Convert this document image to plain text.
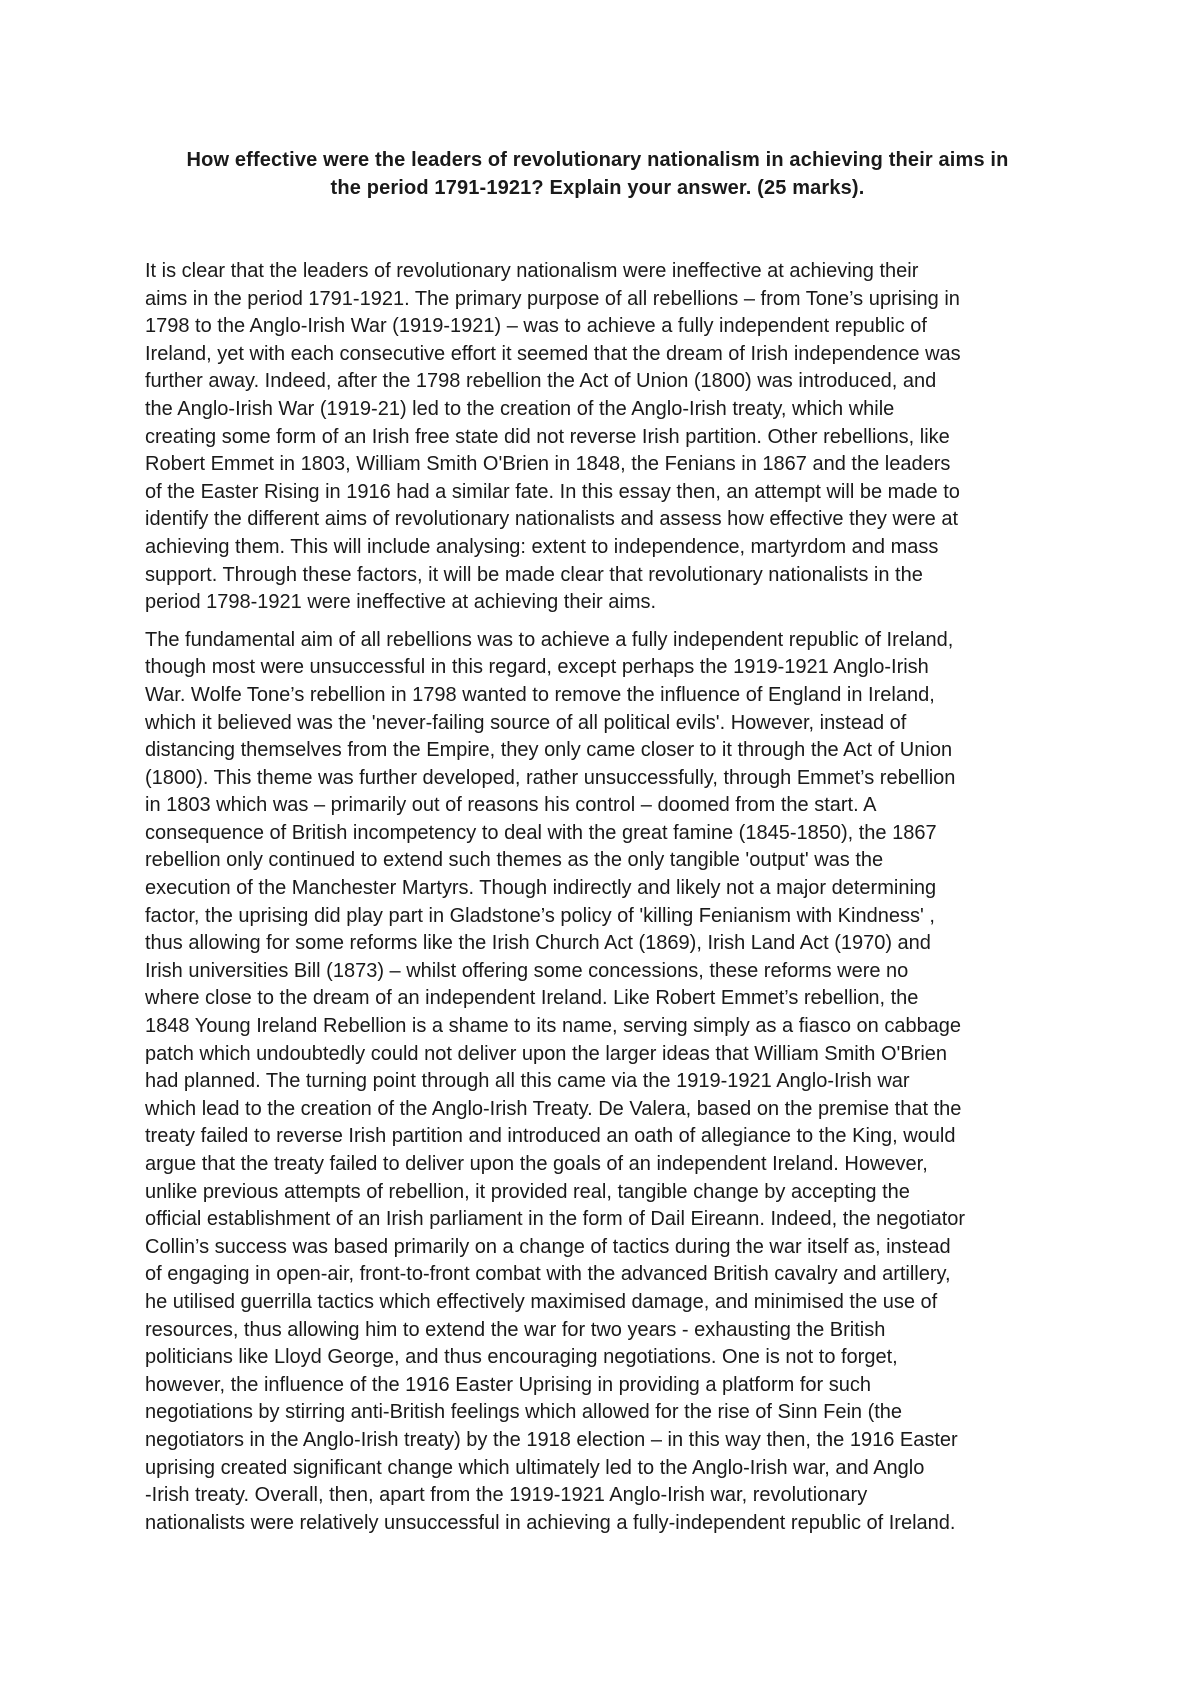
How effective were the leaders of revolutionary nationalism in achieving their aims in
the period 1791-1921? Explain your answer. (25 marks).

It is clear that the leaders of revolutionary nationalism were ineffective at achieving their
aims in the period 1791-1921. The primary purpose of all rebellions – from Tone’s uprising in
1798 to the Anglo-Irish War (1919-1921) – was to achieve a fully independent republic of
Ireland, yet with each consecutive effort it seemed that the dream of Irish independence was
further away. Indeed, after the 1798 rebellion the Act of Union (1800) was introduced, and
the Anglo-Irish War (1919-21) led to the creation of the Anglo-Irish treaty, which while
creating some form of an Irish free state did not reverse Irish partition. Other rebellions, like
Robert Emmet in 1803, William Smith O'Brien in 1848, the Fenians in 1867 and the leaders
of the Easter Rising in 1916 had a similar fate. In this essay then, an attempt will be made to
identify the different aims of revolutionary nationalists and assess how effective they were at
achieving them. This will include analysing: extent to independence, martyrdom and mass
support. Through these factors, it will be made clear that revolutionary nationalists in the
period 1798-1921 were ineffective at achieving their aims.

The fundamental aim of all rebellions was to achieve a fully independent republic of Ireland,
though most were unsuccessful in this regard, except perhaps the 1919-1921 Anglo-Irish
War. Wolfe Tone’s rebellion in 1798 wanted to remove the influence of England in Ireland,
which it believed was the 'never-failing source of all political evils'. However, instead of
distancing themselves from the Empire, they only came closer to it through the Act of Union
(1800). This theme was further developed, rather unsuccessfully, through Emmet’s rebellion
in 1803 which was – primarily out of reasons his control – doomed from the start. A
consequence of British incompetency to deal with the great famine (1845-1850), the 1867
rebellion only continued to extend such themes as the only tangible 'output' was the
execution of the Manchester Martyrs. Though indirectly and likely not a major determining
factor, the uprising did play part in Gladstone’s policy of 'killing Fenianism with Kindness' ,
thus allowing for some reforms like the Irish Church Act (1869), Irish Land Act (1970) and
Irish universities Bill (1873) – whilst offering some concessions, these reforms were no
where close to the dream of an independent Ireland. Like Robert Emmet’s rebellion, the
1848 Young Ireland Rebellion is a shame to its name, serving simply as a fiasco on cabbage
patch which undoubtedly could not deliver upon the larger ideas that William Smith O'Brien
had planned. The turning point through all this came via the 1919-1921 Anglo-Irish war
which lead to the creation of the Anglo-Irish Treaty. De Valera, based on the premise that the
treaty failed to reverse Irish partition and introduced an oath of allegiance to the King, would
argue that the treaty failed to deliver upon the goals of an independent Ireland. However,
unlike previous attempts of rebellion, it provided real, tangible change by accepting the
official establishment of an Irish parliament in the form of Dail Eireann. Indeed, the negotiator
Collin’s success was based primarily on a change of tactics during the war itself as, instead
of engaging in open-air, front-to-front combat with the advanced British cavalry and artillery,
he utilised guerrilla tactics which effectively maximised damage, and minimised the use of
resources, thus allowing him to extend the war for two years - exhausting the British
politicians like Lloyd George, and thus encouraging negotiations. One is not to forget,
however, the influence of the 1916 Easter Uprising in providing a platform for such
negotiations by stirring anti-British feelings which allowed for the rise of Sinn Fein (the
negotiators in the Anglo-Irish treaty) by the 1918 election – in this way then, the 1916 Easter
uprising created significant change which ultimately led to the Anglo-Irish war, and Anglo
-Irish treaty. Overall, then, apart from the 1919-1921 Anglo-Irish war, revolutionary
nationalists were relatively unsuccessful in achieving a fully-independent republic of Ireland.
